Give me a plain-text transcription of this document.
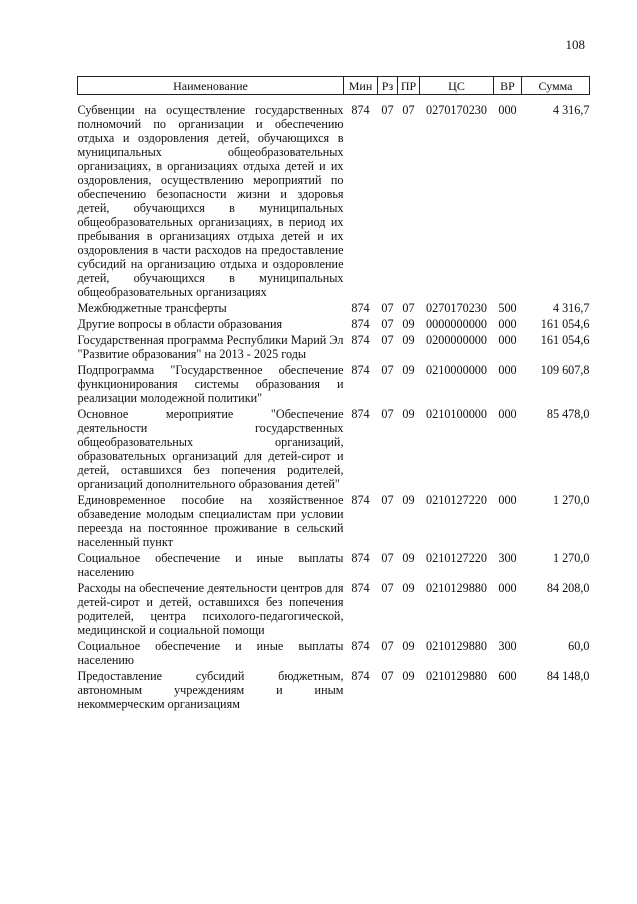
108
Наименование	Мин	Рз	ПР	ЦС	ВР	Сумма
Субвенции на осуществление государственных полномочий по организации и обеспечению отдыха и оздоровления детей, обучающихся в муниципальных общеобразовательных организациях, в организациях отдыха детей и их оздоровления, осуществлению мероприятий по обеспечению безопасности жизни и здоровья детей, обучающихся в муниципальных общеобразовательных организациях, в период их пребывания в организациях отдыха детей и их оздоровления в части расходов на предоставление субсидий на организацию отдыха и оздоровление детей, обучающихся в муниципальных общеобразовательных организациях	874	07	07	0270170230	000	4 316,7
Межбюджетные трансферты	874	07	07	0270170230	500	4 316,7
Другие вопросы в области образования	874	07	09	0000000000	000	161 054,6
Государственная программа Республики Марий Эл "Развитие образования" на 2013 - 2025 годы	874	07	09	0200000000	000	161 054,6
Подпрограмма "Государственное обеспечение функционирования системы образования и реализации молодежной политики"	874	07	09	0210000000	000	109 607,8
Основное мероприятие "Обеспечение деятельности государственных общеобразовательных организаций, образовательных организаций для детей-сирот и детей, оставшихся без попечения родителей, организаций дополнительного образования детей"	874	07	09	0210100000	000	85 478,0
Единовременное пособие на хозяйственное обзаведение молодым специалистам при условии переезда на постоянное проживание в сельский населенный пункт	874	07	09	0210127220	000	1 270,0
Социальное обеспечение и иные выплаты населению	874	07	09	0210127220	300	1 270,0
Расходы на обеспечение деятельности центров для детей-сирот и детей, оставшихся без попечения родителей, центра психолого-педагогической, медицинской и социальной помощи	874	07	09	0210129880	000	84 208,0
Социальное обеспечение и иные выплаты населению	874	07	09	0210129880	300	60,0
Предоставление субсидий бюджетным, автономным учреждениям и иным некоммерческим организациям	874	07	09	0210129880	600	84 148,0
